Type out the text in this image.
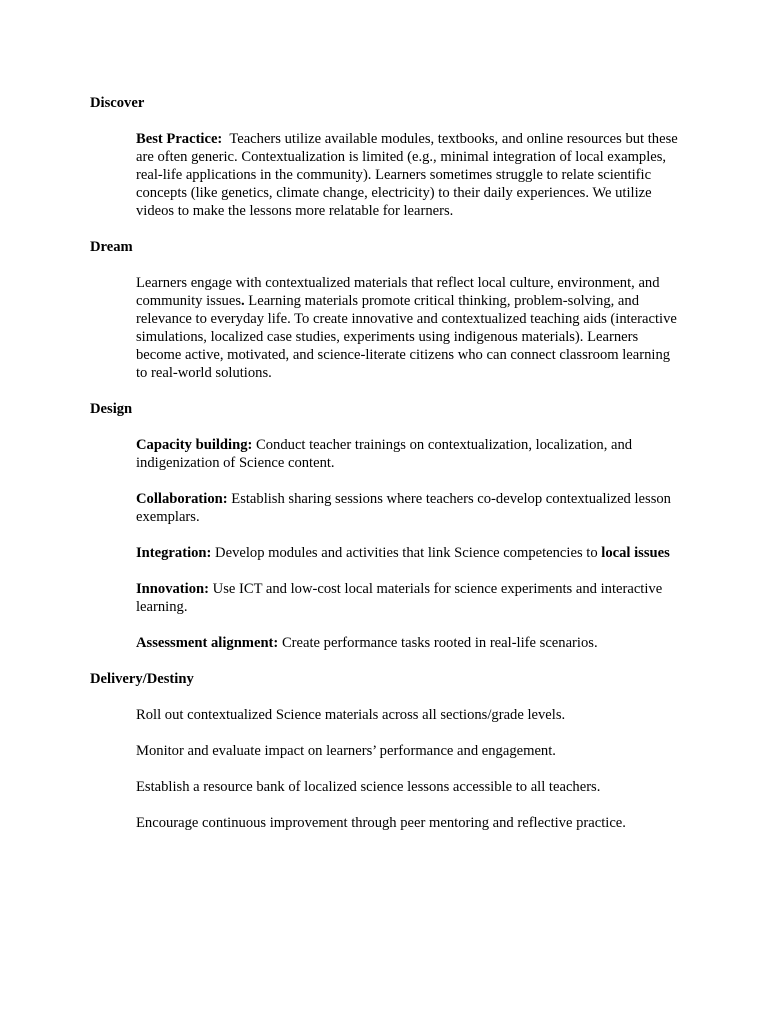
Discover

Best Practice:  Teachers utilize available modules, textbooks, and online resources but these are often generic. Contextualization is limited (e.g., minimal integration of local examples, real-life applications in the community). Learners sometimes struggle to relate scientific concepts (like genetics, climate change, electricity) to their daily experiences. We utilize videos to make the lessons more relatable for learners.

Dream

Learners engage with contextualized materials that reflect local culture, environment, and community issues. Learning materials promote critical thinking, problem-solving, and relevance to everyday life. To create innovative and contextualized teaching aids (interactive simulations, localized case studies, experiments using indigenous materials). Learners become active, motivated, and science-literate citizens who can connect classroom learning to real-world solutions.

Design

Capacity building: Conduct teacher trainings on contextualization, localization, and indigenization of Science content.

Collaboration: Establish sharing sessions where teachers co-develop contextualized lesson exemplars.

Integration: Develop modules and activities that link Science competencies to local issues

Innovation: Use ICT and low-cost local materials for science experiments and interactive learning.

Assessment alignment: Create performance tasks rooted in real-life scenarios.

Delivery/Destiny

Roll out contextualized Science materials across all sections/grade levels.

Monitor and evaluate impact on learners’ performance and engagement.

Establish a resource bank of localized science lessons accessible to all teachers.

Encourage continuous improvement through peer mentoring and reflective practice.
